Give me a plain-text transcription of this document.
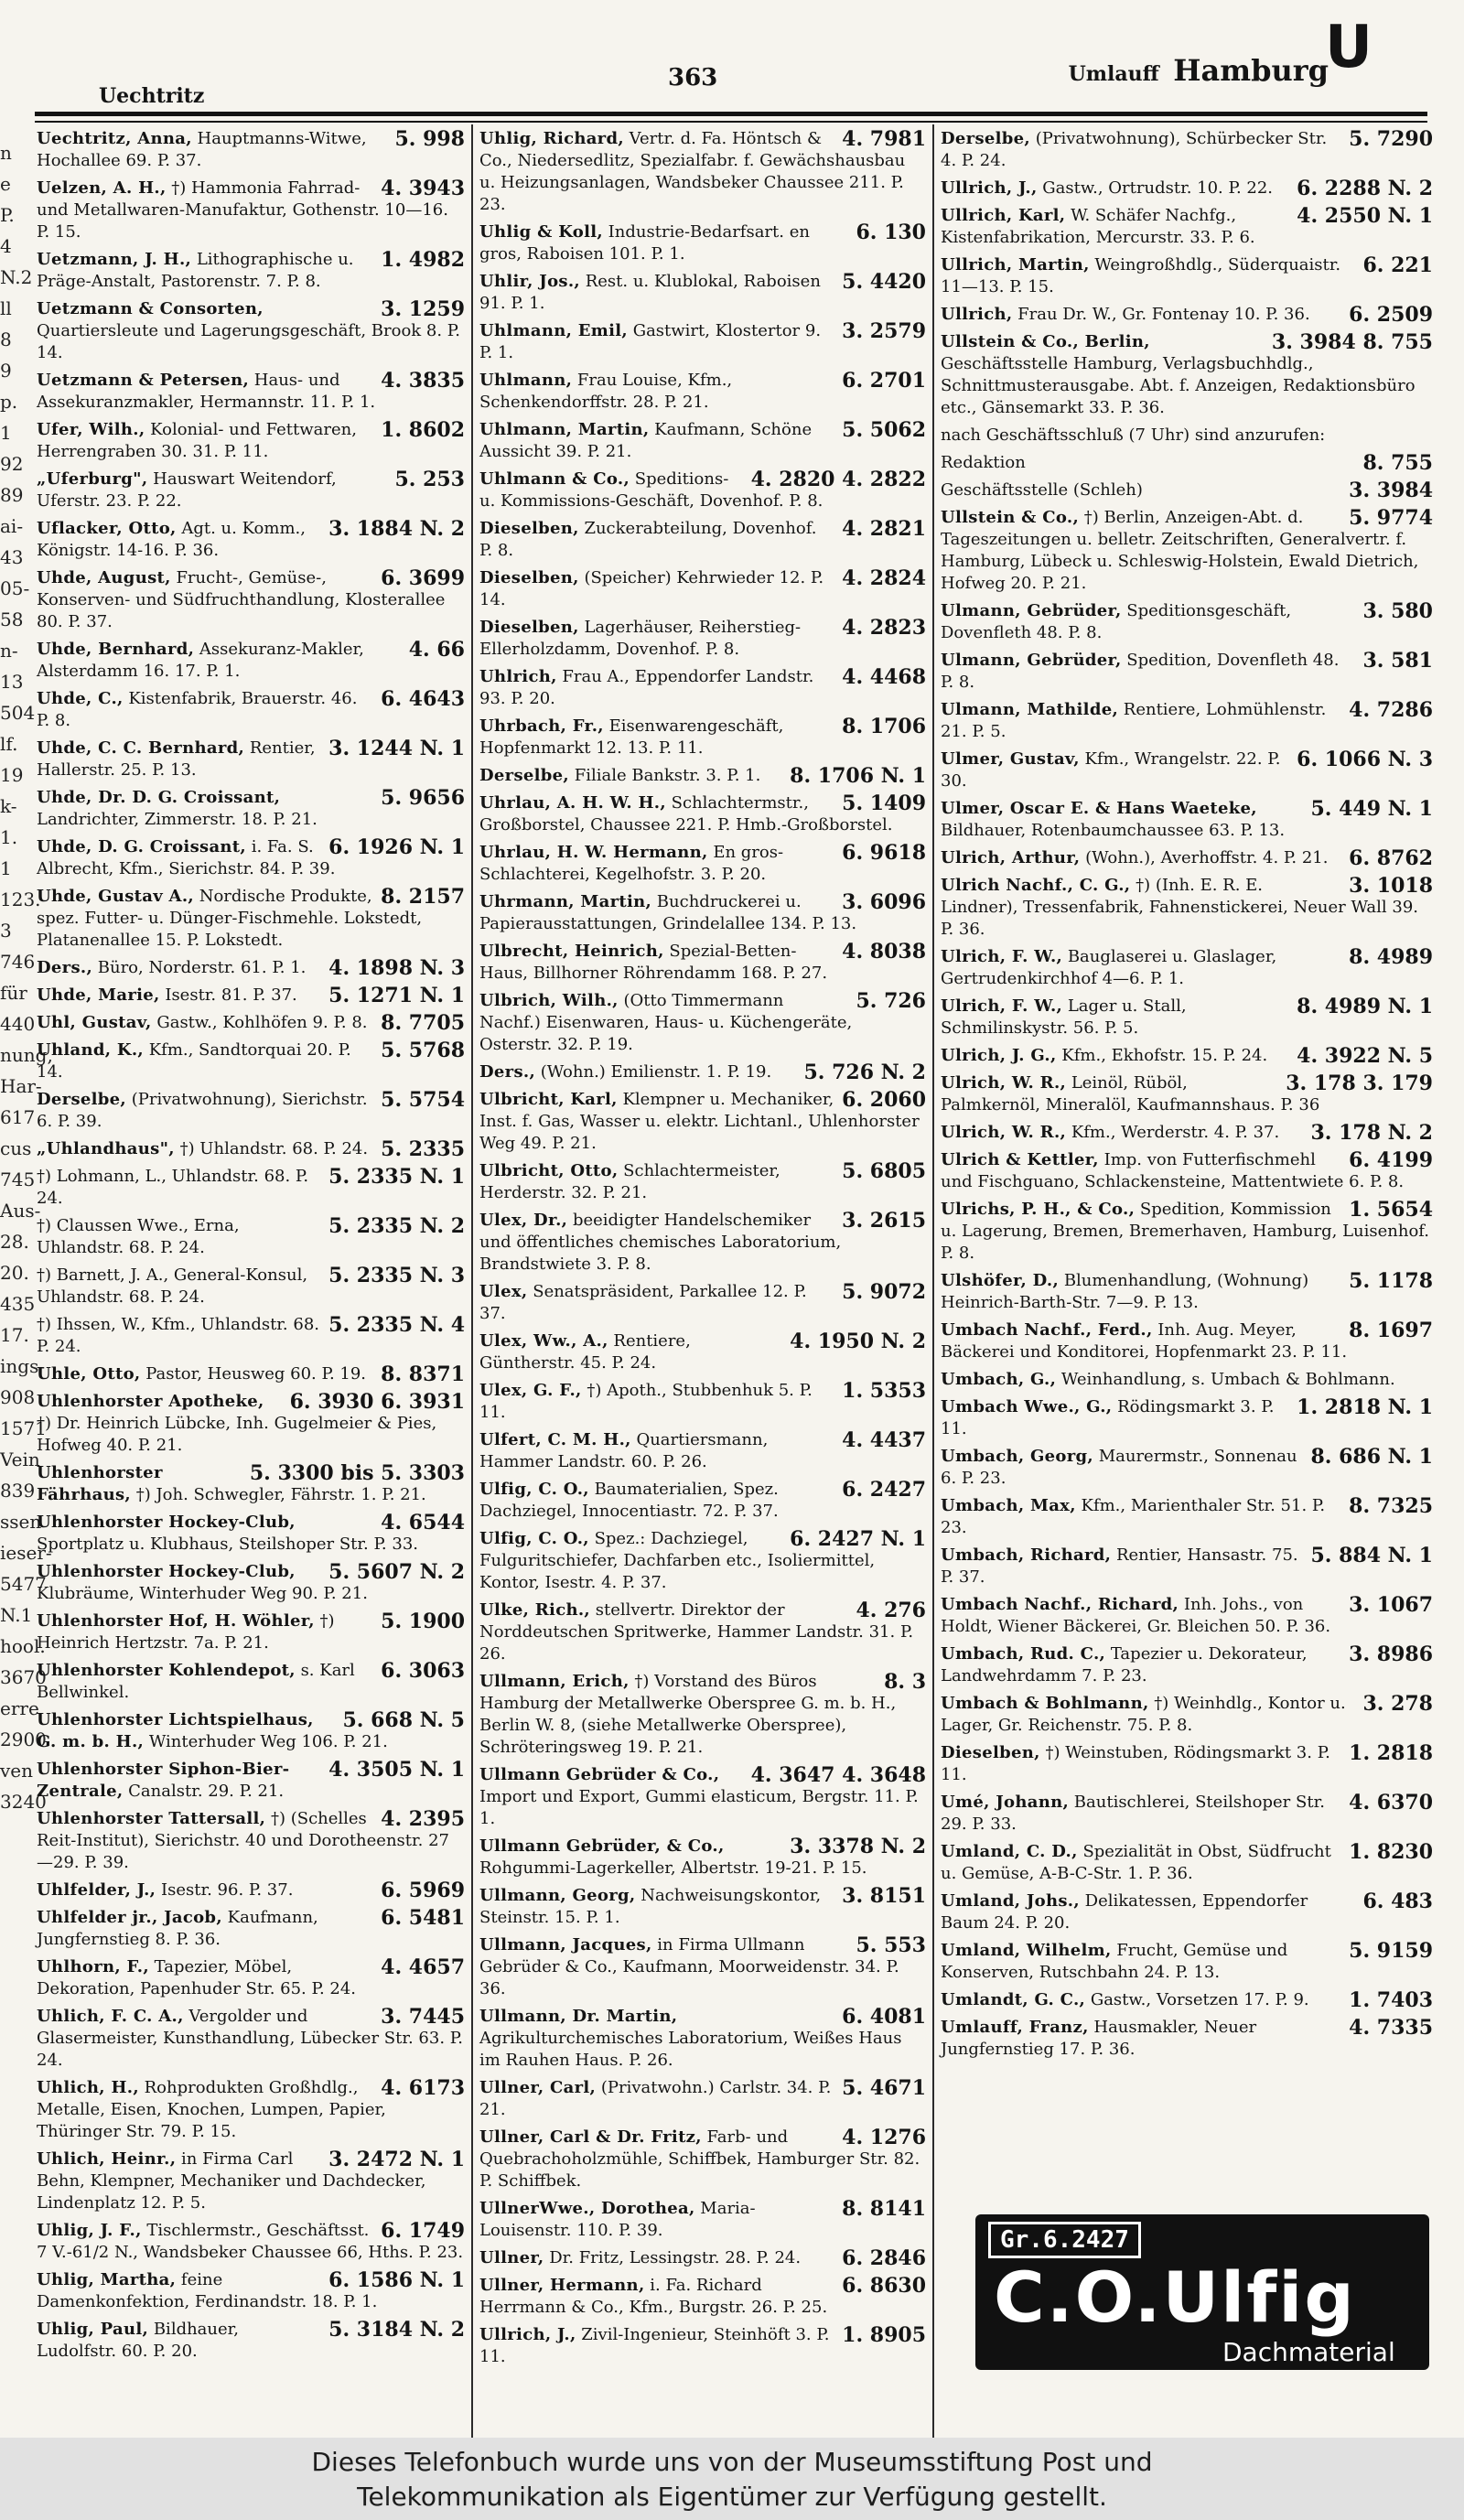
n
e
P.
4
N.2
ll
8
9
p.
1
92
89
ai-
43
05-
58
n-
13
504
lf.
19
k-
1.
1
123.
3
746
für
440
nung,
Har-
617
cus
745
Aus-
28.
20.
435
17.
ings-
908
1571
Vein
839
ssen
ieser-
5477
N.1
hool.
3670
erre
2900
ven
3240
Uechtritz
363	Umlauff Hamburg
U
5. 998
Uechtritz, Anna, Hauptmanns-Witwe, Hochallee 69. P. 37.
4. 3943
Uelzen, A. H., †) Hammonia Fahrrad- und Metallwaren-Manufaktur, Gothenstr. 10—16. P. 15.
1. 4982
Uetzmann, J. H., Lithographische u. Präge-Anstalt, Pastorenstr. 7. P. 8.
3. 1259
Uetzmann & Consorten, Quartiersleute und Lagerungsgeschäft, Brook 8. P. 14.
4. 3835
Uetzmann & Petersen, Haus- und Assekuranzmakler, Hermannstr. 11. P. 1.
1. 8602
Ufer, Wilh., Kolonial- und Fettwaren, Herrengraben 30. 31. P. 11.
5. 253
„Uferburg", Hauswart Weitendorf, Uferstr. 23. P. 22.
3. 1884 N. 2
Uflacker, Otto, Agt. u. Komm., Königstr. 14-16. P. 36.
6. 3699
Uhde, August, Frucht-, Gemüse-, Konserven- und Südfruchthandlung, Klosterallee 80. P. 37.
4. 66
Uhde, Bernhard, Assekuranz-Makler, Alsterdamm 16. 17. P. 1.
6. 4643
Uhde, C., Kistenfabrik, Brauerstr. 46. P. 8.
3. 1244 N. 1
Uhde, C. C. Bernhard, Rentier, Hallerstr. 25. P. 13.
5. 9656
Uhde, Dr. D. G. Croissant, Landrichter, Zimmerstr. 18. P. 21.
6. 1926 N. 1
Uhde, D. G. Croissant, i. Fa. S. Albrecht, Kfm., Sierichstr. 84. P. 39.
8. 2157
Uhde, Gustav A., Nordische Produkte, spez. Futter- u. Dünger-Fischmehle. Lokstedt, Platanenallee 15. P. Lokstedt.
4. 1898 N. 3
Ders., Büro, Norderstr. 61. P. 1.
5. 1271 N. 1
Uhde, Marie, Isestr. 81. P. 37.
8. 7705
Uhl, Gustav, Gastw., Kohlhöfen 9. P. 8.
5. 5768
Uhland, K., Kfm., Sandtorquai 20. P. 14.
5. 5754
Derselbe, (Privatwohnung), Sierichstr. 6. P. 39.
5. 2335
„Uhlandhaus", †) Uhlandstr. 68. P. 24.
5. 2335 N. 1
†) Lohmann, L., Uhlandstr. 68. P. 24.
5. 2335 N. 2
†) Claussen Wwe., Erna, Uhlandstr. 68. P. 24.
5. 2335 N. 3
†) Barnett, J. A., General-Konsul, Uhlandstr. 68. P. 24.
5. 2335 N. 4
†) Ihssen, W., Kfm., Uhlandstr. 68. P. 24.
8. 8371
Uhle, Otto, Pastor, Heusweg 60. P. 19.
6. 3930 6. 3931
Uhlenhorster Apotheke, †) Dr. Heinrich Lübcke, Inh. Gugelmeier & Pies, Hofweg 40. P. 21.
5. 3300 bis 5. 3303
Uhlenhorster Fährhaus, †) Joh. Schwegler, Fährstr. 1. P. 21.
4. 6544
Uhlenhorster Hockey-Club, Sportplatz u. Klubhaus, Steilshoper Str. P. 33.
5. 5607 N. 2
Uhlenhorster Hockey-Club, Klubräume, Winterhuder Weg 90. P. 21.
5. 1900
Uhlenhorster Hof, H. Wöhler, †) Heinrich Hertzstr. 7a. P. 21.
6. 3063
Uhlenhorster Kohlendepot, s. Karl Bellwinkel.
5. 668 N. 5
Uhlenhorster Lichtspielhaus, G. m. b. H., Winterhuder Weg 106. P. 21.
4. 3505 N. 1
Uhlenhorster Siphon-Bier-Zentrale, Canalstr. 29. P. 21.
4. 2395
Uhlenhorster Tattersall, †) (Schelles Reit-Institut), Sierichstr. 40 und Dorotheenstr. 27—29. P. 39.
6. 5969
Uhlfelder, J., Isestr. 96. P. 37.
6. 5481
Uhlfelder jr., Jacob, Kaufmann, Jungfernstieg 8. P. 36.
4. 4657
Uhlhorn, F., Tapezier, Möbel, Dekoration, Papenhuder Str. 65. P. 24.
3. 7445
Uhlich, F. C. A., Vergolder und Glasermeister, Kunsthandlung, Lübecker Str. 63. P. 24.
4. 6173
Uhlich, H., Rohprodukten Großhdlg., Metalle, Eisen, Knochen, Lumpen, Papier, Thüringer Str. 79. P. 15.
3. 2472 N. 1
Uhlich, Heinr., in Firma Carl Behn, Klempner, Mechaniker und Dachdecker, Lindenplatz 12. P. 5.
6. 1749
Uhlig, J. F., Tischlermstr., Geschäftsst. 7 V.-61/2 N., Wandsbeker Chaussee 66, Hths. P. 23.
6. 1586 N. 1
Uhlig, Martha, feine Damenkonfektion, Ferdinandstr. 18. P. 1.
5. 3184 N. 2
Uhlig, Paul, Bildhauer, Ludolfstr. 60. P. 20.
4. 7981
Uhlig, Richard, Vertr. d. Fa. Höntsch & Co., Niedersedlitz, Spezialfabr. f. Gewächshausbau u. Heizungsanlagen, Wandsbeker Chaussee 211. P. 23.
6. 130
Uhlig & Koll, Industrie-Bedarfsart. en gros, Raboisen 101. P. 1.
5. 4420
Uhlir, Jos., Rest. u. Klublokal, Raboisen 91. P. 1.
3. 2579
Uhlmann, Emil, Gastwirt, Klostertor 9. P. 1.
6. 2701
Uhlmann, Frau Louise, Kfm., Schenkendorffstr. 28. P. 21.
5. 5062
Uhlmann, Martin, Kaufmann, Schöne Aussicht 39. P. 21.
4. 2820 4. 2822
Uhlmann & Co., Speditions- u. Kommissions-Geschäft, Dovenhof. P. 8.
4. 2821
Dieselben, Zuckerabteilung, Dovenhof. P. 8.
4. 2824
Dieselben, (Speicher) Kehrwieder 12. P. 14.
4. 2823
Dieselben, Lagerhäuser, Reiherstieg-Ellerholzdamm, Dovenhof. P. 8.
4. 4468
Uhlrich, Frau A., Eppendorfer Landstr. 93. P. 20.
8. 1706
Uhrbach, Fr., Eisenwarengeschäft, Hopfenmarkt 12. 13. P. 11.
8. 1706 N. 1
Derselbe, Filiale Bankstr. 3. P. 1.
5. 1409
Uhrlau, A. H. W. H., Schlachtermstr., Großborstel, Chaussee 221. P. Hmb.-Großborstel.
6. 9618
Uhrlau, H. W. Hermann, En gros-Schlachterei, Kegelhofstr. 3. P. 20.
3. 6096
Uhrmann, Martin, Buchdruckerei u. Papierausstattungen, Grindelallee 134. P. 13.
4. 8038
Ulbrecht, Heinrich, Spezial-Betten-Haus, Billhorner Röhrendamm 168. P. 27.
5. 726
Ulbrich, Wilh., (Otto Timmermann Nachf.) Eisenwaren, Haus- u. Küchengeräte, Osterstr. 32. P. 19.
5. 726 N. 2
Ders., (Wohn.) Emilienstr. 1. P. 19.
6. 2060
Ulbricht, Karl, Klempner u. Mechaniker, Inst. f. Gas, Wasser u. elektr. Lichtanl., Uhlenhorster Weg 49. P. 21.
5. 6805
Ulbricht, Otto, Schlachtermeister, Herderstr. 32. P. 21.
3. 2615
Ulex, Dr., beeidigter Handelschemiker und öffentliches chemisches Laboratorium, Brandstwiete 3. P. 8.
5. 9072
Ulex, Senatspräsident, Parkallee 12. P. 37.
4. 1950 N. 2
Ulex, Ww., A., Rentiere, Güntherstr. 45. P. 24.
1. 5353
Ulex, G. F., †) Apoth., Stubbenhuk 5. P. 11.
4. 4437
Ulfert, C. M. H., Quartiersmann, Hammer Landstr. 60. P. 26.
6. 2427
Ulfig, C. O., Baumaterialien, Spez. Dachziegel, Innocentiastr. 72. P. 37.
6. 2427 N. 1
Ulfig, C. O., Spez.: Dachziegel, Fulguritschiefer, Dachfarben etc., Isoliermittel, Kontor, Isestr. 4. P. 37.
4. 276
Ulke, Rich., stellvertr. Direktor der Norddeutschen Spritwerke, Hammer Landstr. 31. P. 26.
8. 3
Ullmann, Erich, †) Vorstand des Büros Hamburg der Metallwerke Oberspree G. m. b. H., Berlin W. 8, (siehe Metallwerke Oberspree), Schröteringsweg 19. P. 21.
4. 3647 4. 3648
Ullmann Gebrüder & Co., Import und Export, Gummi elasticum, Bergstr. 11. P. 1.
3. 3378 N. 2
Ullmann Gebrüder, & Co., Rohgummi-Lagerkeller, Albertstr. 19-21. P. 15.
3. 8151
Ullmann, Georg, Nachweisungskontor, Steinstr. 15. P. 1.
5. 553
Ullmann, Jacques, in Firma Ullmann Gebrüder & Co., Kaufmann, Moorweidenstr. 34. P. 36.
6. 4081
Ullmann, Dr. Martin, Agrikulturchemisches Laboratorium, Weißes Haus im Rauhen Haus. P. 26.
5. 4671
Ullner, Carl, (Privatwohn.) Carlstr. 34. P. 21.
4. 1276
Ullner, Carl & Dr. Fritz, Farb- und Quebrachoholzmühle, Schiffbek, Hamburger Str. 82. P. Schiffbek.
8. 8141
UllnerWwe., Dorothea, Maria-Louisenstr. 110. P. 39.
6. 2846
Ullner, Dr. Fritz, Lessingstr. 28. P. 24.
6. 8630
Ullner, Hermann, i. Fa. Richard Herrmann & Co., Kfm., Burgstr. 26. P. 25.
1. 8905
Ullrich, J., Zivil-Ingenieur, Steinhöft 3. P. 11.
5. 7290
Derselbe, (Privatwohnung), Schürbecker Str. 4. P. 24.
6. 2288 N. 2
Ullrich, J., Gastw., Ortrudstr. 10. P. 22.
4. 2550 N. 1
Ullrich, Karl, W. Schäfer Nachfg., Kistenfabrikation, Mercurstr. 33. P. 6.
6. 221
Ullrich, Martin, Weingroßhdlg., Süderquaistr. 11—13. P. 15.
6. 2509
Ullrich, Frau Dr. W., Gr. Fontenay 10. P. 36.
3. 3984 8. 755
Ullstein & Co., Berlin, Geschäftsstelle Hamburg, Verlagsbuchhdlg., Schnittmusterausgabe. Abt. f. Anzeigen, Redaktionsbüro etc., Gänsemarkt 33. P. 36.
nach Geschäftsschluß (7 Uhr) sind anzurufen:
8. 755
Redaktion
3. 3984
Geschäftsstelle (Schleh)
5. 9774
Ullstein & Co., †) Berlin, Anzeigen-Abt. d. Tageszeitungen u. belletr. Zeitschriften, Generalvertr. f. Hamburg, Lübeck u. Schleswig-Holstein, Ewald Dietrich, Hofweg 20. P. 21.
3. 580
Ulmann, Gebrüder, Speditionsgeschäft, Dovenfleth 48. P. 8.
3. 581
Ulmann, Gebrüder, Spedition, Dovenfleth 48. P. 8.
4. 7286
Ulmann, Mathilde, Rentiere, Lohmühlenstr. 21. P. 5.
6. 1066 N. 3
Ulmer, Gustav, Kfm., Wrangelstr. 22. P. 30.
5. 449 N. 1
Ulmer, Oscar E. & Hans Waeteke, Bildhauer, Rotenbaumchaussee 63. P. 13.
6. 8762
Ulrich, Arthur, (Wohn.), Averhoffstr. 4. P. 21.
3. 1018
Ulrich Nachf., C. G., †) (Inh. E. R. E. Lindner), Tressenfabrik, Fahnenstickerei, Neuer Wall 39. P. 36.
8. 4989
Ulrich, F. W., Bauglaserei u. Glaslager, Gertrudenkirchhof 4—6. P. 1.
8. 4989 N. 1
Ulrich, F. W., Lager u. Stall, Schmilinskystr. 56. P. 5.
4. 3922 N. 5
Ulrich, J. G., Kfm., Ekhofstr. 15. P. 24.
3. 178 3. 179
Ulrich, W. R., Leinöl, Rüböl, Palmkernöl, Mineralöl, Kaufmannshaus. P. 36
3. 178 N. 2
Ulrich, W. R., Kfm., Werderstr. 4. P. 37.
6. 4199
Ulrich & Kettler, Imp. von Futterfischmehl und Fischguano, Schlackensteine, Mattentwiete 6. P. 8.
1. 5654
Ulrichs, P. H., & Co., Spedition, Kommission u. Lagerung, Bremen, Bremerhaven, Hamburg, Luisenhof. P. 8.
5. 1178
Ulshöfer, D., Blumenhandlung, (Wohnung) Heinrich-Barth-Str. 7—9. P. 13.
8. 1697
Umbach Nachf., Ferd., Inh. Aug. Meyer, Bäckerei und Konditorei, Hopfenmarkt 23. P. 11.
Umbach, G., Weinhandlung, s. Umbach & Bohlmann.
1. 2818 N. 1
Umbach Wwe., G., Rödingsmarkt 3. P. 11.
8. 686 N. 1
Umbach, Georg, Maurermstr., Sonnenau 6. P. 23.
8. 7325
Umbach, Max, Kfm., Marienthaler Str. 51. P. 23.
5. 884 N. 1
Umbach, Richard, Rentier, Hansastr. 75. P. 37.
3. 1067
Umbach Nachf., Richard, Inh. Johs., von Holdt, Wiener Bäckerei, Gr. Bleichen 50. P. 36.
3. 8986
Umbach, Rud. C., Tapezier u. Dekorateur, Landwehrdamm 7. P. 23.
3. 278
Umbach & Bohlmann, †) Weinhdlg., Kontor u. Lager, Gr. Reichenstr. 75. P. 8.
1. 2818
Dieselben, †) Weinstuben, Rödingsmarkt 3. P. 11.
4. 6370
Umé, Johann, Bautischlerei, Steilshoper Str. 29. P. 33.
1. 8230
Umland, C. D., Spezialität in Obst, Südfrucht u. Gemüse, A-B-C-Str. 1. P. 36.
6. 483
Umland, Johs., Delikatessen, Eppendorfer Baum 24. P. 20.
5. 9159
Umland, Wilhelm, Frucht, Gemüse und Konserven, Rutschbahn 24. P. 13.
1. 7403
Umlandt, G. C., Gastw., Vorsetzen 17. P. 9.
4. 7335
Umlauff, Franz, Hausmakler, Neuer Jungfernstieg 17. P. 36.
Gr.6.2427
C.O.Ulfig
Dachmaterial
Dieses Telefonbuch wurde uns von der Museumsstiftung Post und
Telekommunikation als Eigentümer zur Verfügung gestellt.
